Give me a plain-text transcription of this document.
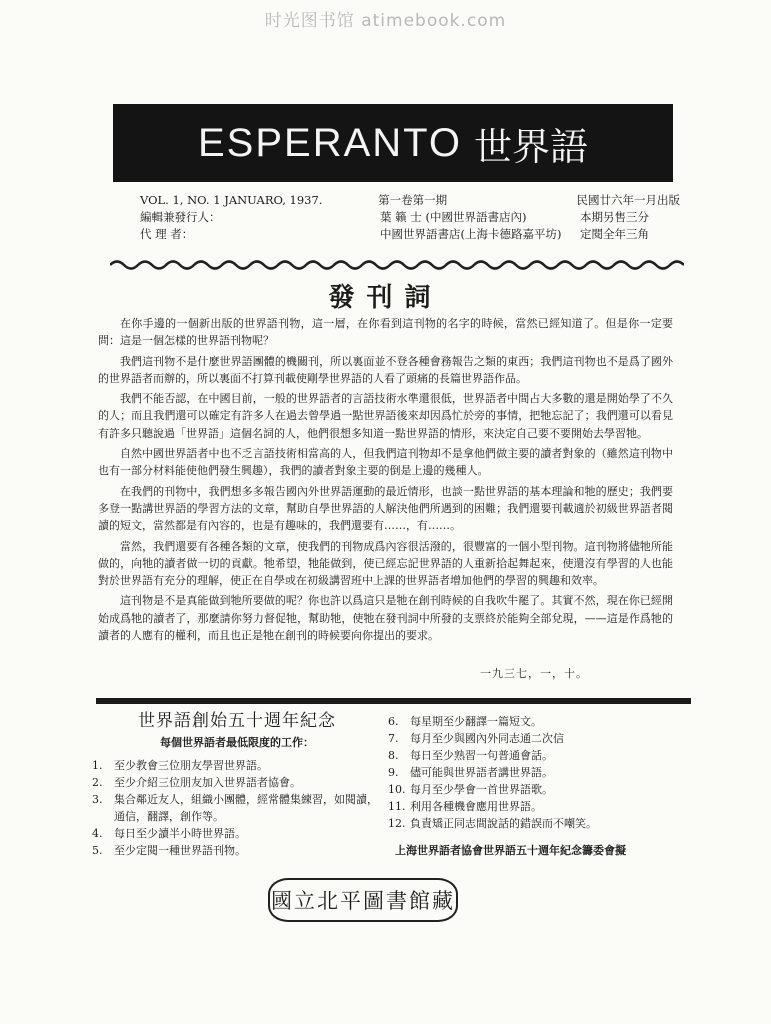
时光图书馆 atimebook.com
ESPERANTO 世界語
VOL. 1, NO. 1 JANUARO, 1937.	第一卷第一期	民國廿六年一月出版
編輯兼發行人：	葉 籟 士 (中國世界語書店內)	本期另售三分
代 理 者：	中國世界語書店(上海卡德路嘉平坊)	定閱全年三角
發刊詞

在你手邊的一個新出版的世界語刊物，這一層，在你看到這刊物的名字的時候，當然已經知道了。但是你一定要問：這是一個怎樣的世界語刊物呢？

我們這刊物不是什麼世界語團體的機關刊，所以裏面並不登各種會務報告之類的東西；我們這刊物也不是爲了國外的世界語者而辦的，所以裏面不打算刊載使剛學世界語的人看了頭痛的長篇世界語作品。

我們不能否認，在中國目前，一般的世界語者的言語技術水準還很低，世界語者中間占大多數的還是開始學了不久的人；而且我們還可以確定有許多人在過去曾學過一點世界語後來却因爲忙於旁的事情，把牠忘記了；我們還可以看見有許多只聽說過「世界語」這個名詞的人，他們很想多知道一點世界語的情形，來決定自己要不要開始去學習牠。

自然中國世界語者中也不乏言語技術相當高的人，但我們這刊物却不是拿他們做主要的讀者對象的（雖然這刊物中也有一部分材料能使他們發生興趣），我們的讀者對象主要的倒是上邊的幾種人。

在我們的刊物中，我們想多多報告國內外世界語運動的最近情形，也談一點世界語的基本理論和牠的歷史；我們要多登一點講世界語的學習方法的文章，幫助自學世界語的人解決他們所遇到的困難；我們還要刊載適於初級世界語者閱讀的短文，當然都是有內容的，也是有趣味的，我們還要有……，有……。

當然，我們還要有各種各類的文章，使我們的刊物成爲內容很活潑的，很豐富的一個小型刊物。這刊物將儘牠所能做的，向牠的讀者做一切的貢獻。牠希望，牠能做到，使已經忘記世界語的人重新拾起舞起來，使還沒有學習的人也能對於世界語有充分的理解，使正在自學或在初級講習班中上課的世界語者增加他們的學習的興趣和效率。

這刊物是不是真能做到牠所要做的呢？你也許以爲這只是牠在創刊時候的自我吹牛罷了。其實不然，現在你已經開始成爲牠的讀者了，那麼請你努力督促牠，幫助牠，使牠在發刊詞中所發的支票終於能夠全部兌現，——這是作爲牠的讀者的人應有的權利，而且也正是牠在創刊的時候要向你提出的要求。

一九三七，一，十。
世界語創始五十週年紀念
每個世界語者最低限度的工作：
1.	至少教會三位朋友學習世界語。
2.	至少介紹三位朋友加入世界語者協會。
3.	集合鄰近友人，組織小團體，經常體集練習，如閱讀，通信，翻譯，創作等。
4.	每日至少讀半小時世界語。
5.	至少定閱一種世界語刊物。
6.	每星期至少翻譯一篇短文。
7.	每月至少與國內外同志通二次信
8.	每日至少熟習一句普通會話。
9.	儘可能與世界語者講世界語。
10. 每月至少學會一首世界語歌。
11. 利用各種機會應用世界語。
12. 負責矯正同志間說話的錯誤而不嘲笑。
上海世界語者協會世界語五十週年紀念籌委會擬
國立北平圖書館藏
